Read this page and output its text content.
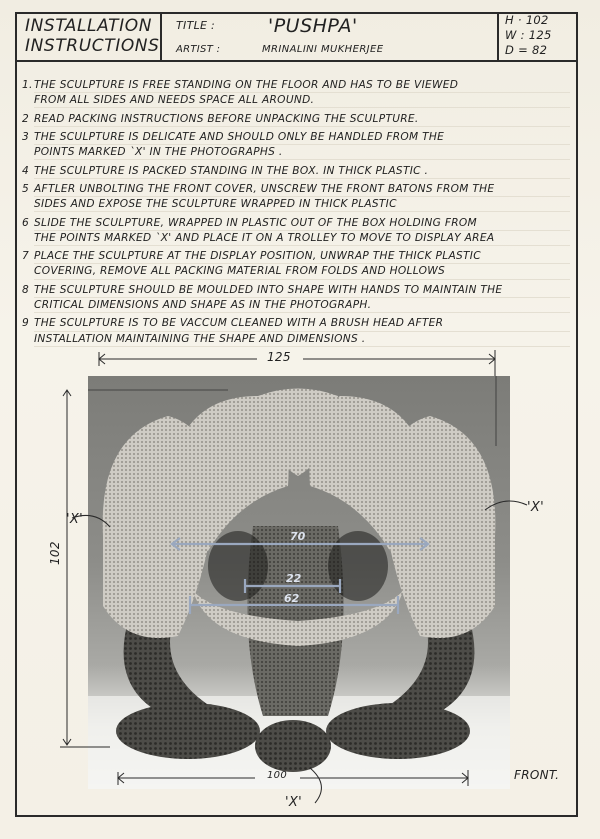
INSTALLATION
INSTRUCTIONS
TITLE :	'PUSHPA'
ARTIST :	MRINALINI MUKHERJEE
H · 102
W : 125
D = 82
1. THE SCULPTURE IS FREE STANDING ON THE FLOOR AND HAS TO BE VIEWED
FROM ALL SIDES AND NEEDS SPACE ALL AROUND.
2 READ PACKING INSTRUCTIONS BEFORE UNPACKING THE SCULPTURE.
3 THE SCULPTURE IS DELICATE AND SHOULD ONLY BE HANDLED FROM THE
POINTS MARKED `X' IN THE PHOTOGRAPHS .
4 THE SCULPTURE IS PACKED STANDING IN THE BOX. IN THICK PLASTIC .
5 AFTLER UNBOLTING THE FRONT COVER, UNSCREW THE FRONT BATONS FROM THE
SIDES AND EXPOSE THE SCULPTURE WRAPPED IN THICK PLASTIC
6 SLIDE THE SCULPTURE, WRAPPED IN PLASTIC OUT OF THE BOX HOLDING FROM
THE POINTS MARKED `X' AND PLACE IT ON A TROLLEY TO MOVE TO DISPLAY AREA
7 PLACE THE SCULPTURE AT THE DISPLAY POSITION, UNWRAP THE THICK PLASTIC
COVERING, REMOVE ALL PACKING MATERIAL FROM FOLDS AND HOLLOWS
8 THE SCULPTURE SHOULD BE MOULDED INTO SHAPE WITH HANDS TO MAINTAIN THE
CRITICAL DIMENSIONS AND SHAPE AS IN THE PHOTOGRAPH.
9 THE SCULPTURE IS TO BE VACCUM CLEANED WITH A BRUSH HEAD AFTER
INSTALLATION MAINTAINING THE SHAPE AND DIMENSIONS .
70
22
62
125
102
100
'X'
'X'
'X'
FRONT.
